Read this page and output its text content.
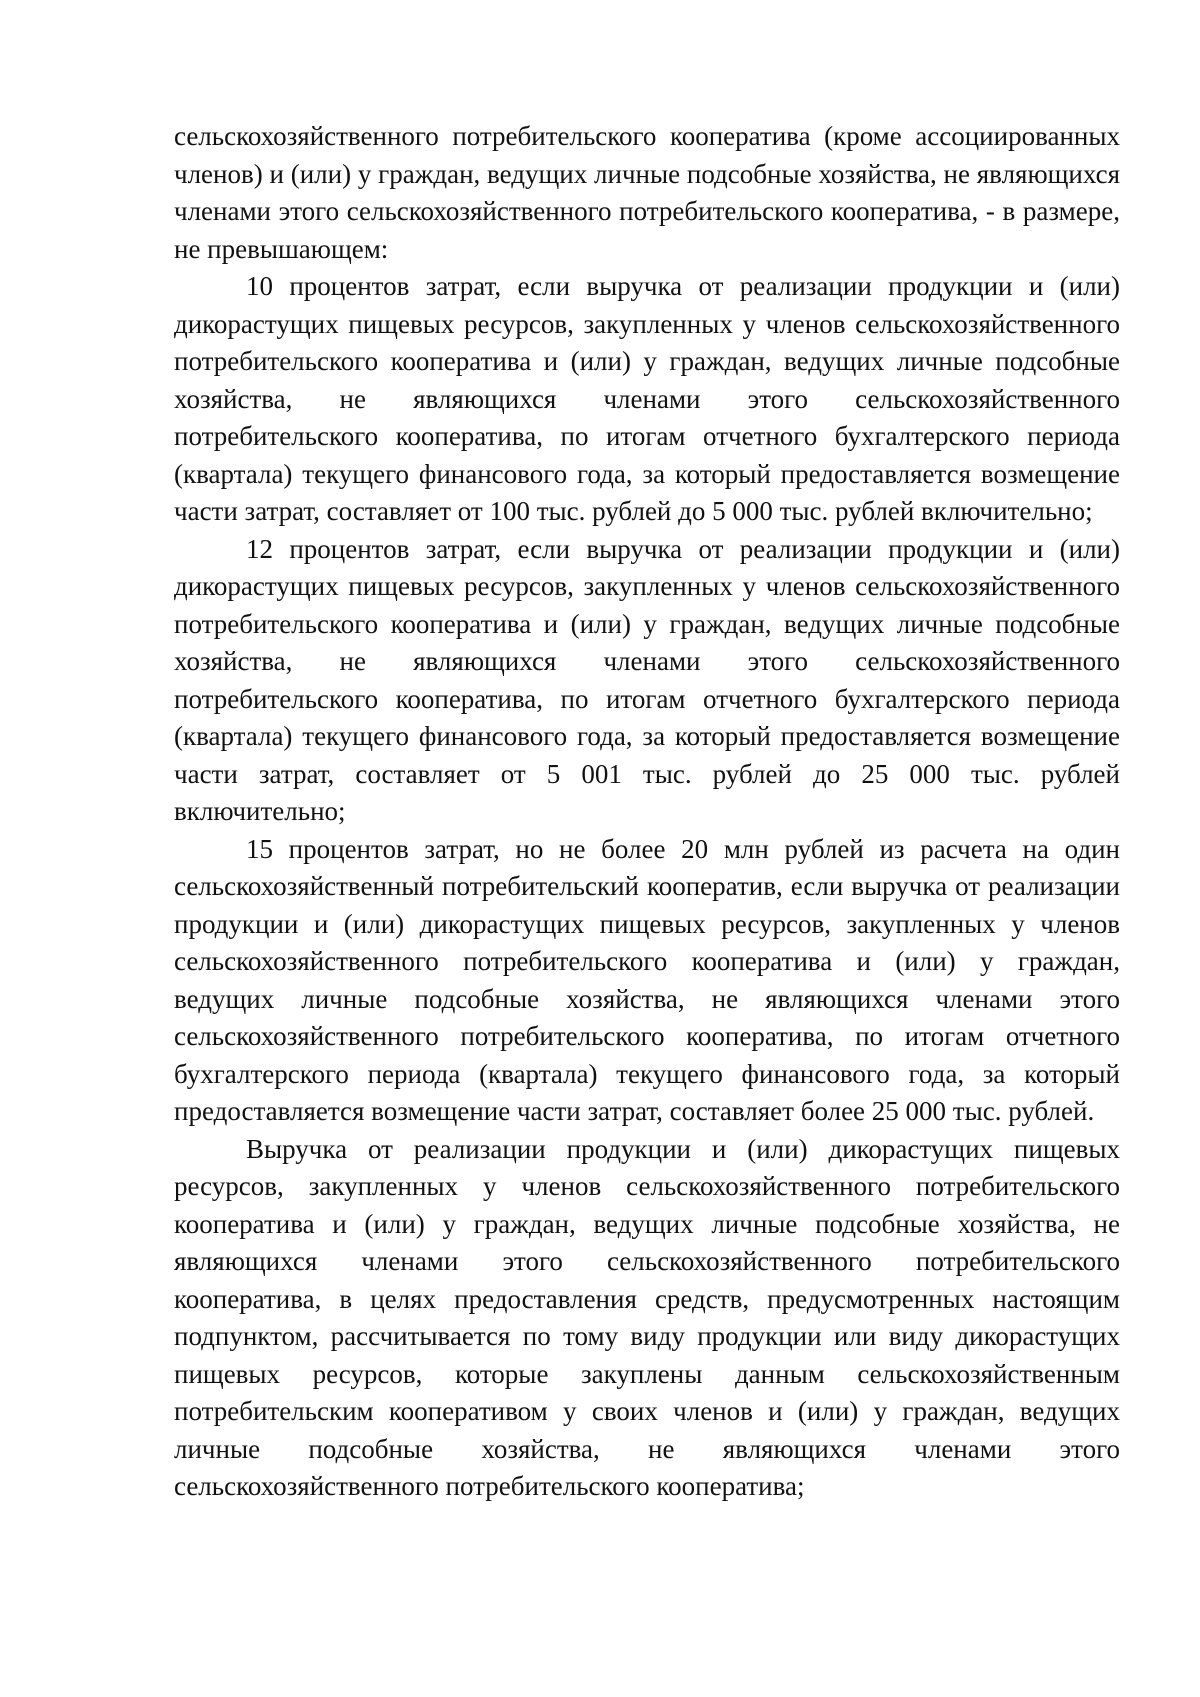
сельскохозяйственного потребительского кооператива (кроме ассоциированных членов) и (или) у граждан, ведущих личные подсобные хозяйства, не являющихся членами этого сельскохозяйственного потребительского кооператива, - в размере, не превышающем:

10 процентов затрат, если выручка от реализации продукции и (или) дикорастущих пищевых ресурсов, закупленных у членов сельскохозяйственного потребительского кооператива и (или) у граждан, ведущих личные подсобные хозяйства, не являющихся членами этого сельскохозяйственного потребительского кооператива, по итогам отчетного бухгалтерского периода (квартала) текущего финансового года, за который предоставляется возмещение части затрат, составляет от 100 тыс. рублей до 5 000 тыс. рублей включительно;

12 процентов затрат, если выручка от реализации продукции и (или) дикорастущих пищевых ресурсов, закупленных у членов сельскохозяйственного потребительского кооператива и (или) у граждан, ведущих личные подсобные хозяйства, не являющихся членами этого сельскохозяйственного потребительского кооператива, по итогам отчетного бухгалтерского периода (квартала) текущего финансового года, за который предоставляется возмещение части затрат, составляет от 5 001 тыс. рублей до 25 000 тыс. рублей включительно;

15 процентов затрат, но не более 20 млн рублей из расчета на один сельскохозяйственный потребительский кооператив, если выручка от реализации продукции и (или) дикорастущих пищевых ресурсов, закупленных у членов сельскохозяйственного потребительского кооператива и (или) у граждан, ведущих личные подсобные хозяйства, не являющихся членами этого сельскохозяйственного потребительского кооператива, по итогам отчетного бухгалтерского периода (квартала) текущего финансового года, за который предоставляется возмещение части затрат, составляет более 25 000 тыс. рублей.

Выручка от реализации продукции и (или) дикорастущих пищевых ресурсов, закупленных у членов сельскохозяйственного потребительского кооператива и (или) у граждан, ведущих личные подсобные хозяйства, не являющихся членами этого сельскохозяйственного потребительского кооператива, в целях предоставления средств, предусмотренных настоящим подпунктом, рассчитывается по тому виду продукции или виду дикорастущих пищевых ресурсов, которые закуплены данным сельскохозяйственным потребительским кооперативом у своих членов и (или) у граждан, ведущих личные подсобные хозяйства, не являющихся членами этого сельскохозяйственного потребительского кооператива;
